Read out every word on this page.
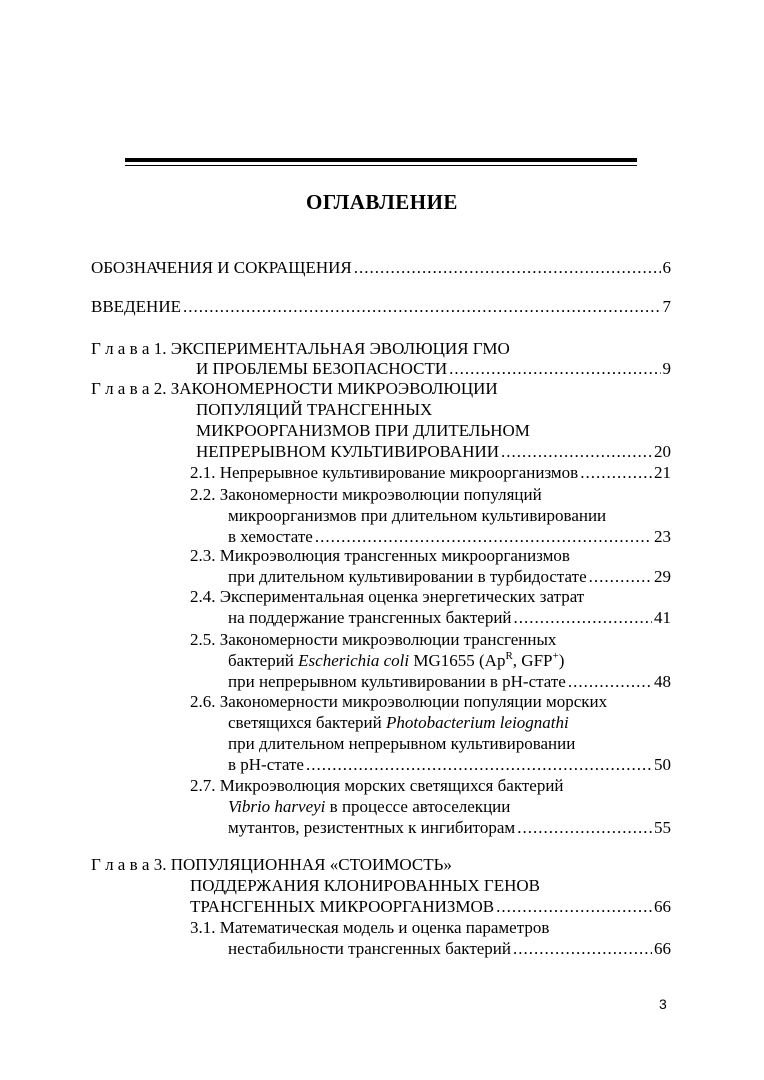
ОГЛАВЛЕНИЕ
ОБОЗНАЧЕНИЯ И СОКРАЩЕНИЯ .....	6
ВВЕДЕНИЕ .....	7
Г л а в а 1. ЭКСПЕРИМЕНТАЛЬНАЯ ЭВОЛЮЦИЯ ГМО
И ПРОБЛЕМЫ БЕЗОПАСНОСТИ .....	9
Г л а в а 2. ЗАКОНОМЕРНОСТИ МИКРОЭВОЛЮЦИИ
ПОПУЛЯЦИЙ ТРАНСГЕННЫХ
МИКРООРГАНИЗМОВ ПРИ ДЛИТЕЛЬНОМ
НЕПРЕРЫВНОМ КУЛЬТИВИРОВАНИИ .....	20
2.1. Непрерывное культивирование микроорганизмов .....	21
2.2. Закономерности микроэволюции популяций
микроорганизмов при длительном культивировании
в хемостате .....	23
2.3. Микроэволюция трансгенных микроорганизмов
при длительном культивировании в турбидостате .....	29
2.4. Экспериментальная оценка энергетических затрат
на поддержание трансгенных бактерий .....	41
2.5. Закономерности микроэволюции трансгенных
бактерий Escherichia coli MG1655 ($Ap^R$, GFP+)
при непрерывном культивировании в pH-стате .....	48
2.6. Закономерности микроэволюции популяции морских
светящихся бактерий Photobacterium leiognathi
при длительном непрерывном культивировании
в pH-стате .....	50
2.7. Микроэволюция морских светящихся бактерий
Vibrio harveyi в процессе автоселекции
мутантов, резистентных к ингибиторам .....	55
Г л а в а 3. ПОПУЛЯЦИОННАЯ «СТОИМОСТЬ»
ПОДДЕРЖАНИЯ КЛОНИРОВАННЫХ ГЕНОВ
ТРАНСГЕННЫХ МИКРООРГАНИЗМОВ .....	66
3.1. Математическая модель и оценка параметров
нестабильности трансгенных бактерий .....	66
3
